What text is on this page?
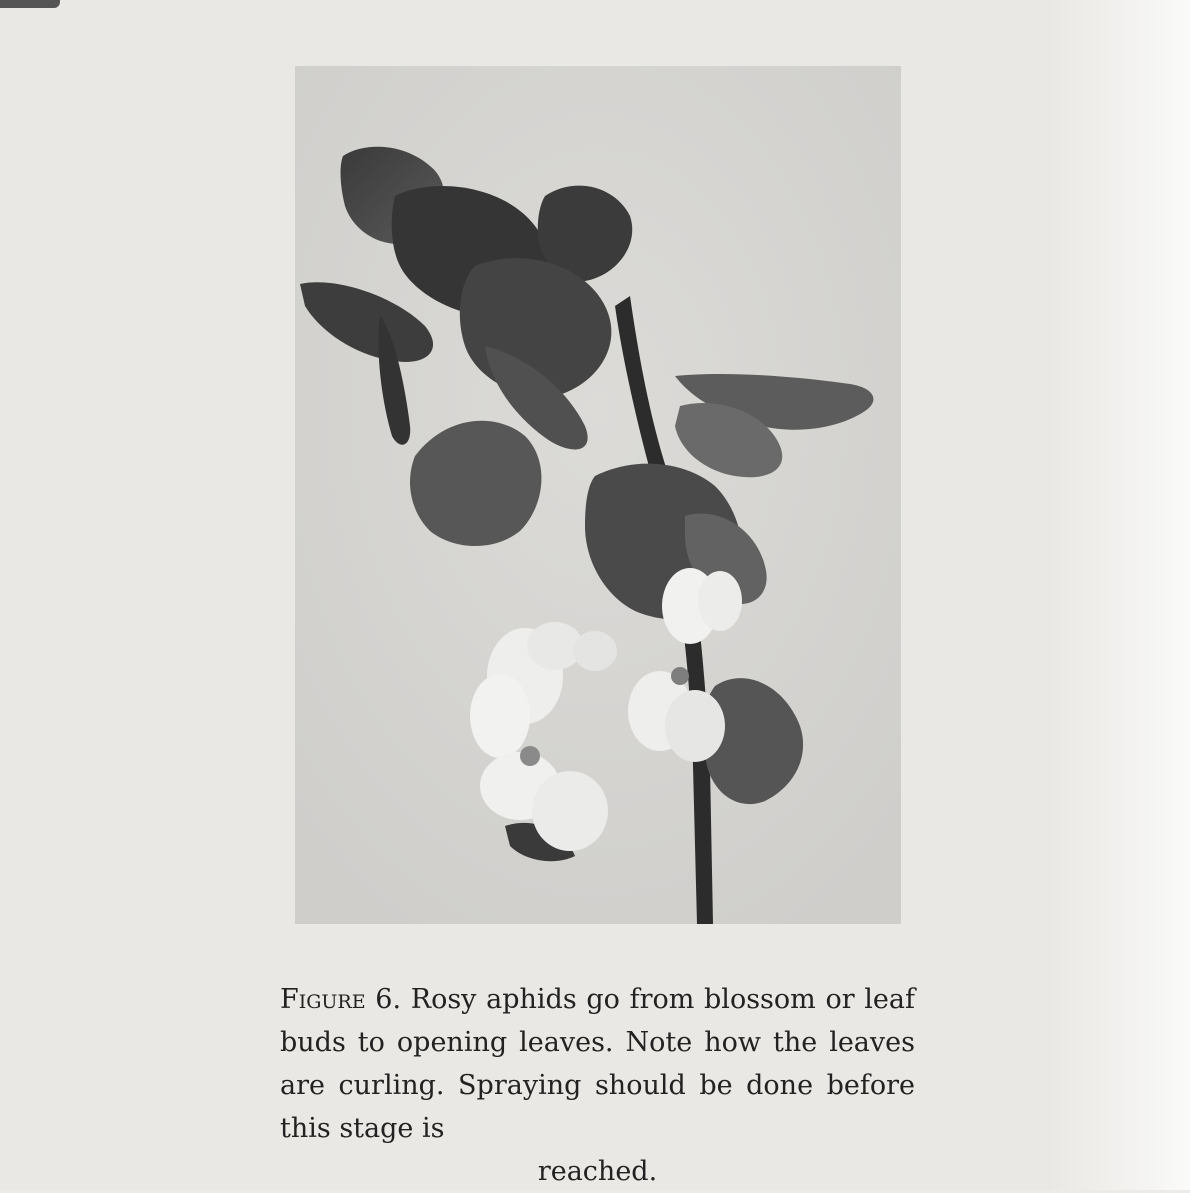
Figure 6. Rosy aphids go from blossom or leaf buds to opening leaves. Note how the leaves are curling. Spraying should be done before this stage is
reached.
